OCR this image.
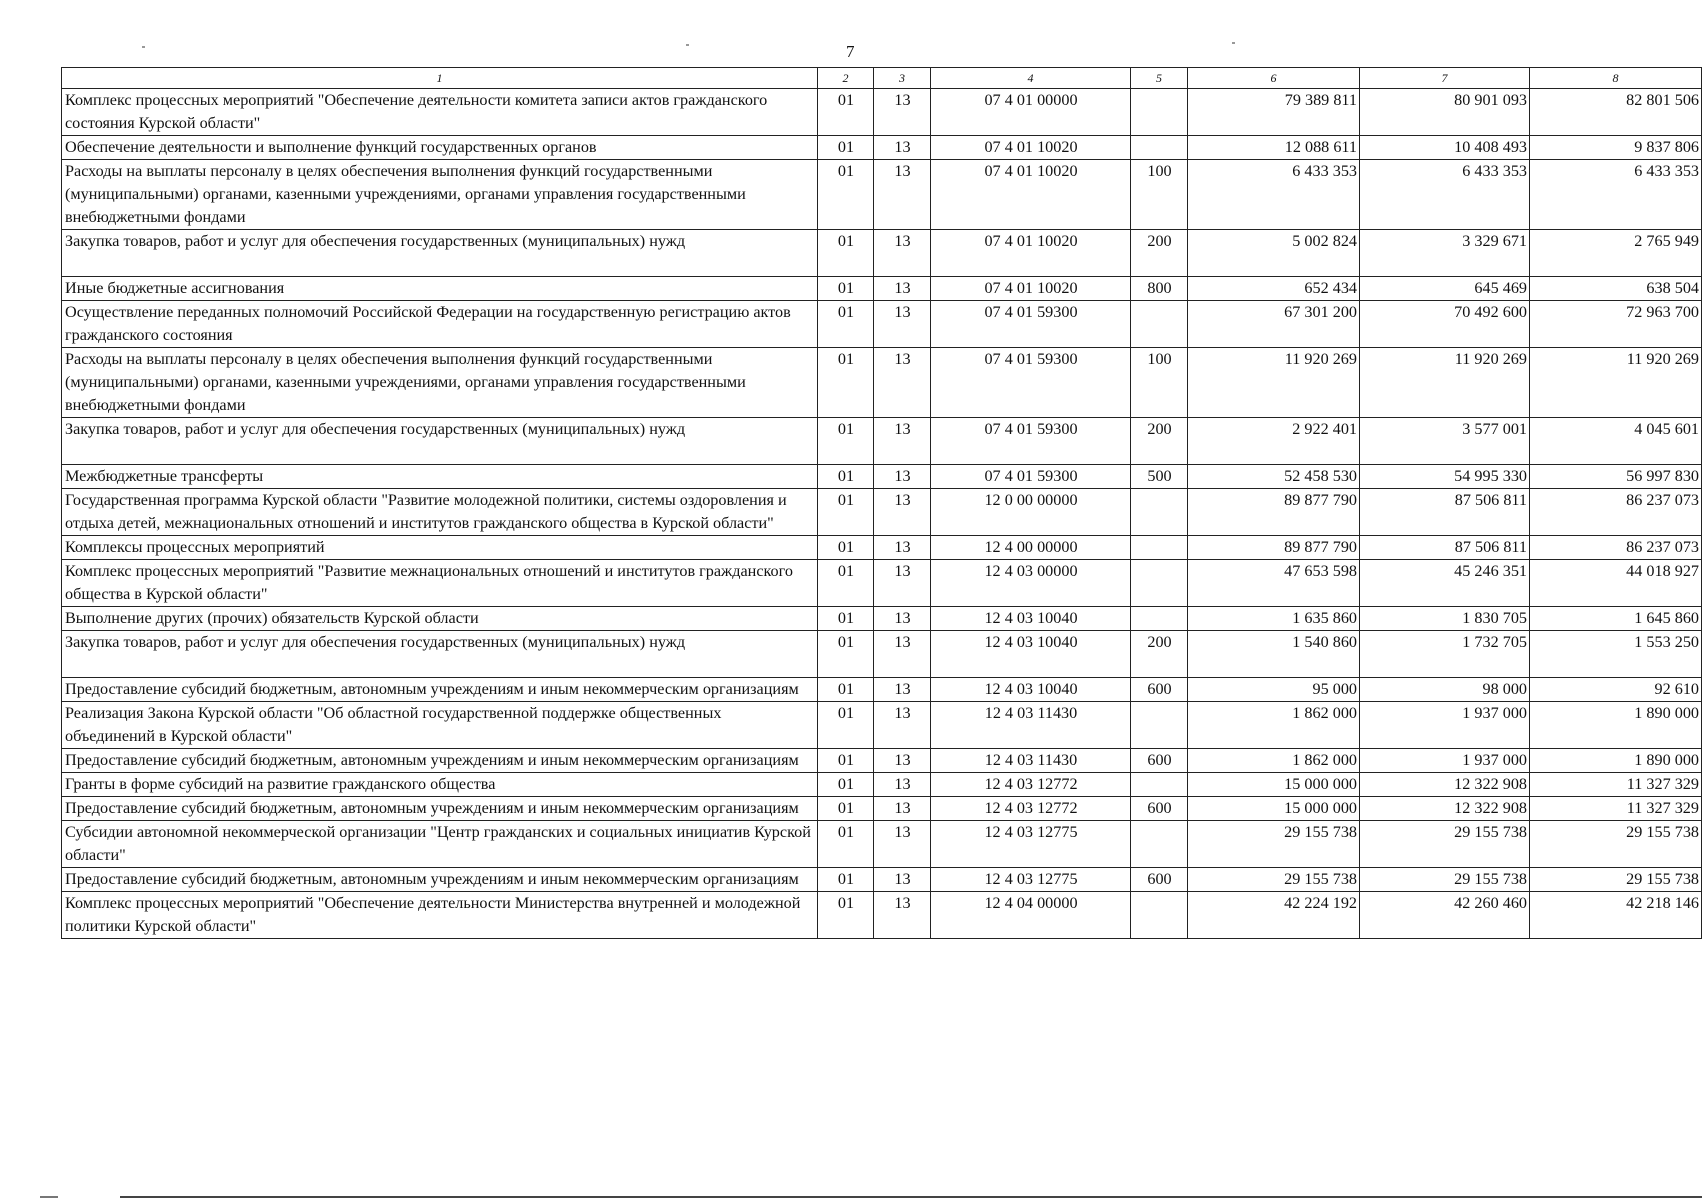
7
1	2	3	4	5	6	7	8
Комплекс процессных мероприятий "Обеспечение деятельности комитета записи актов гражданского состояния Курской области"	01	13	07 4 01 00000		79 389 811	80 901 093	82 801 506
Обеспечение деятельности и выполнение функций государственных органов	01	13	07 4 01 10020		12 088 611	10 408 493	9 837 806
Расходы на выплаты персоналу в целях обеспечения выполнения функций государственными (муниципальными) органами, казенными учреждениями, органами управления государственными внебюджетными фондами	01	13	07 4 01 10020	100	6 433 353	6 433 353	6 433 353
Закупка товаров, работ и услуг для обеспечения государственных (муниципальных) нужд	01	13	07 4 01 10020	200	5 002 824	3 329 671	2 765 949
Иные бюджетные ассигнования	01	13	07 4 01 10020	800	652 434	645 469	638 504
Осуществление переданных полномочий Российской Федерации на государственную регистрацию актов гражданского состояния	01	13	07 4 01 59300		67 301 200	70 492 600	72 963 700
Расходы на выплаты персоналу в целях обеспечения выполнения функций государственными (муниципальными) органами, казенными учреждениями, органами управления государственными внебюджетными фондами	01	13	07 4 01 59300	100	11 920 269	11 920 269	11 920 269
Закупка товаров, работ и услуг для обеспечения государственных (муниципальных) нужд	01	13	07 4 01 59300	200	2 922 401	3 577 001	4 045 601
Межбюджетные трансферты	01	13	07 4 01 59300	500	52 458 530	54 995 330	56 997 830
Государственная программа Курской области "Развитие молодежной политики, системы оздоровления и отдыха детей, межнациональных отношений и институтов гражданского общества в Курской области"	01	13	12 0 00 00000		89 877 790	87 506 811	86 237 073
Комплексы процессных мероприятий	01	13	12 4 00 00000		89 877 790	87 506 811	86 237 073
Комплекс процессных мероприятий "Развитие межнациональных отношений и институтов гражданского общества в Курской области"	01	13	12 4 03 00000		47 653 598	45 246 351	44 018 927
Выполнение других (прочих) обязательств Курской области	01	13	12 4 03 10040		1 635 860	1 830 705	1 645 860
Закупка товаров, работ и услуг для обеспечения государственных (муниципальных) нужд	01	13	12 4 03 10040	200	1 540 860	1 732 705	1 553 250
Предоставление субсидий бюджетным, автономным учреждениям и иным некоммерческим организациям	01	13	12 4 03 10040	600	95 000	98 000	92 610
Реализация Закона Курской области "Об областной государственной поддержке общественных объединений в Курской области"	01	13	12 4 03 11430		1 862 000	1 937 000	1 890 000
Предоставление субсидий бюджетным, автономным учреждениям и иным некоммерческим организациям	01	13	12 4 03 11430	600	1 862 000	1 937 000	1 890 000
Гранты в форме субсидий на развитие гражданского общества	01	13	12 4 03 12772		15 000 000	12 322 908	11 327 329
Предоставление субсидий бюджетным, автономным учреждениям и иным некоммерческим организациям	01	13	12 4 03 12772	600	15 000 000	12 322 908	11 327 329
Субсидии автономной некоммерческой организации "Центр гражданских и социальных инициатив Курской области"	01	13	12 4 03 12775		29 155 738	29 155 738	29 155 738
Предоставление субсидий бюджетным, автономным учреждениям и иным некоммерческим организациям	01	13	12 4 03 12775	600	29 155 738	29 155 738	29 155 738
Комплекс процессных мероприятий "Обеспечение деятельности Министерства внутренней и молодежной политики Курской области"	01	13	12 4 04 00000		42 224 192	42 260 460	42 218 146
